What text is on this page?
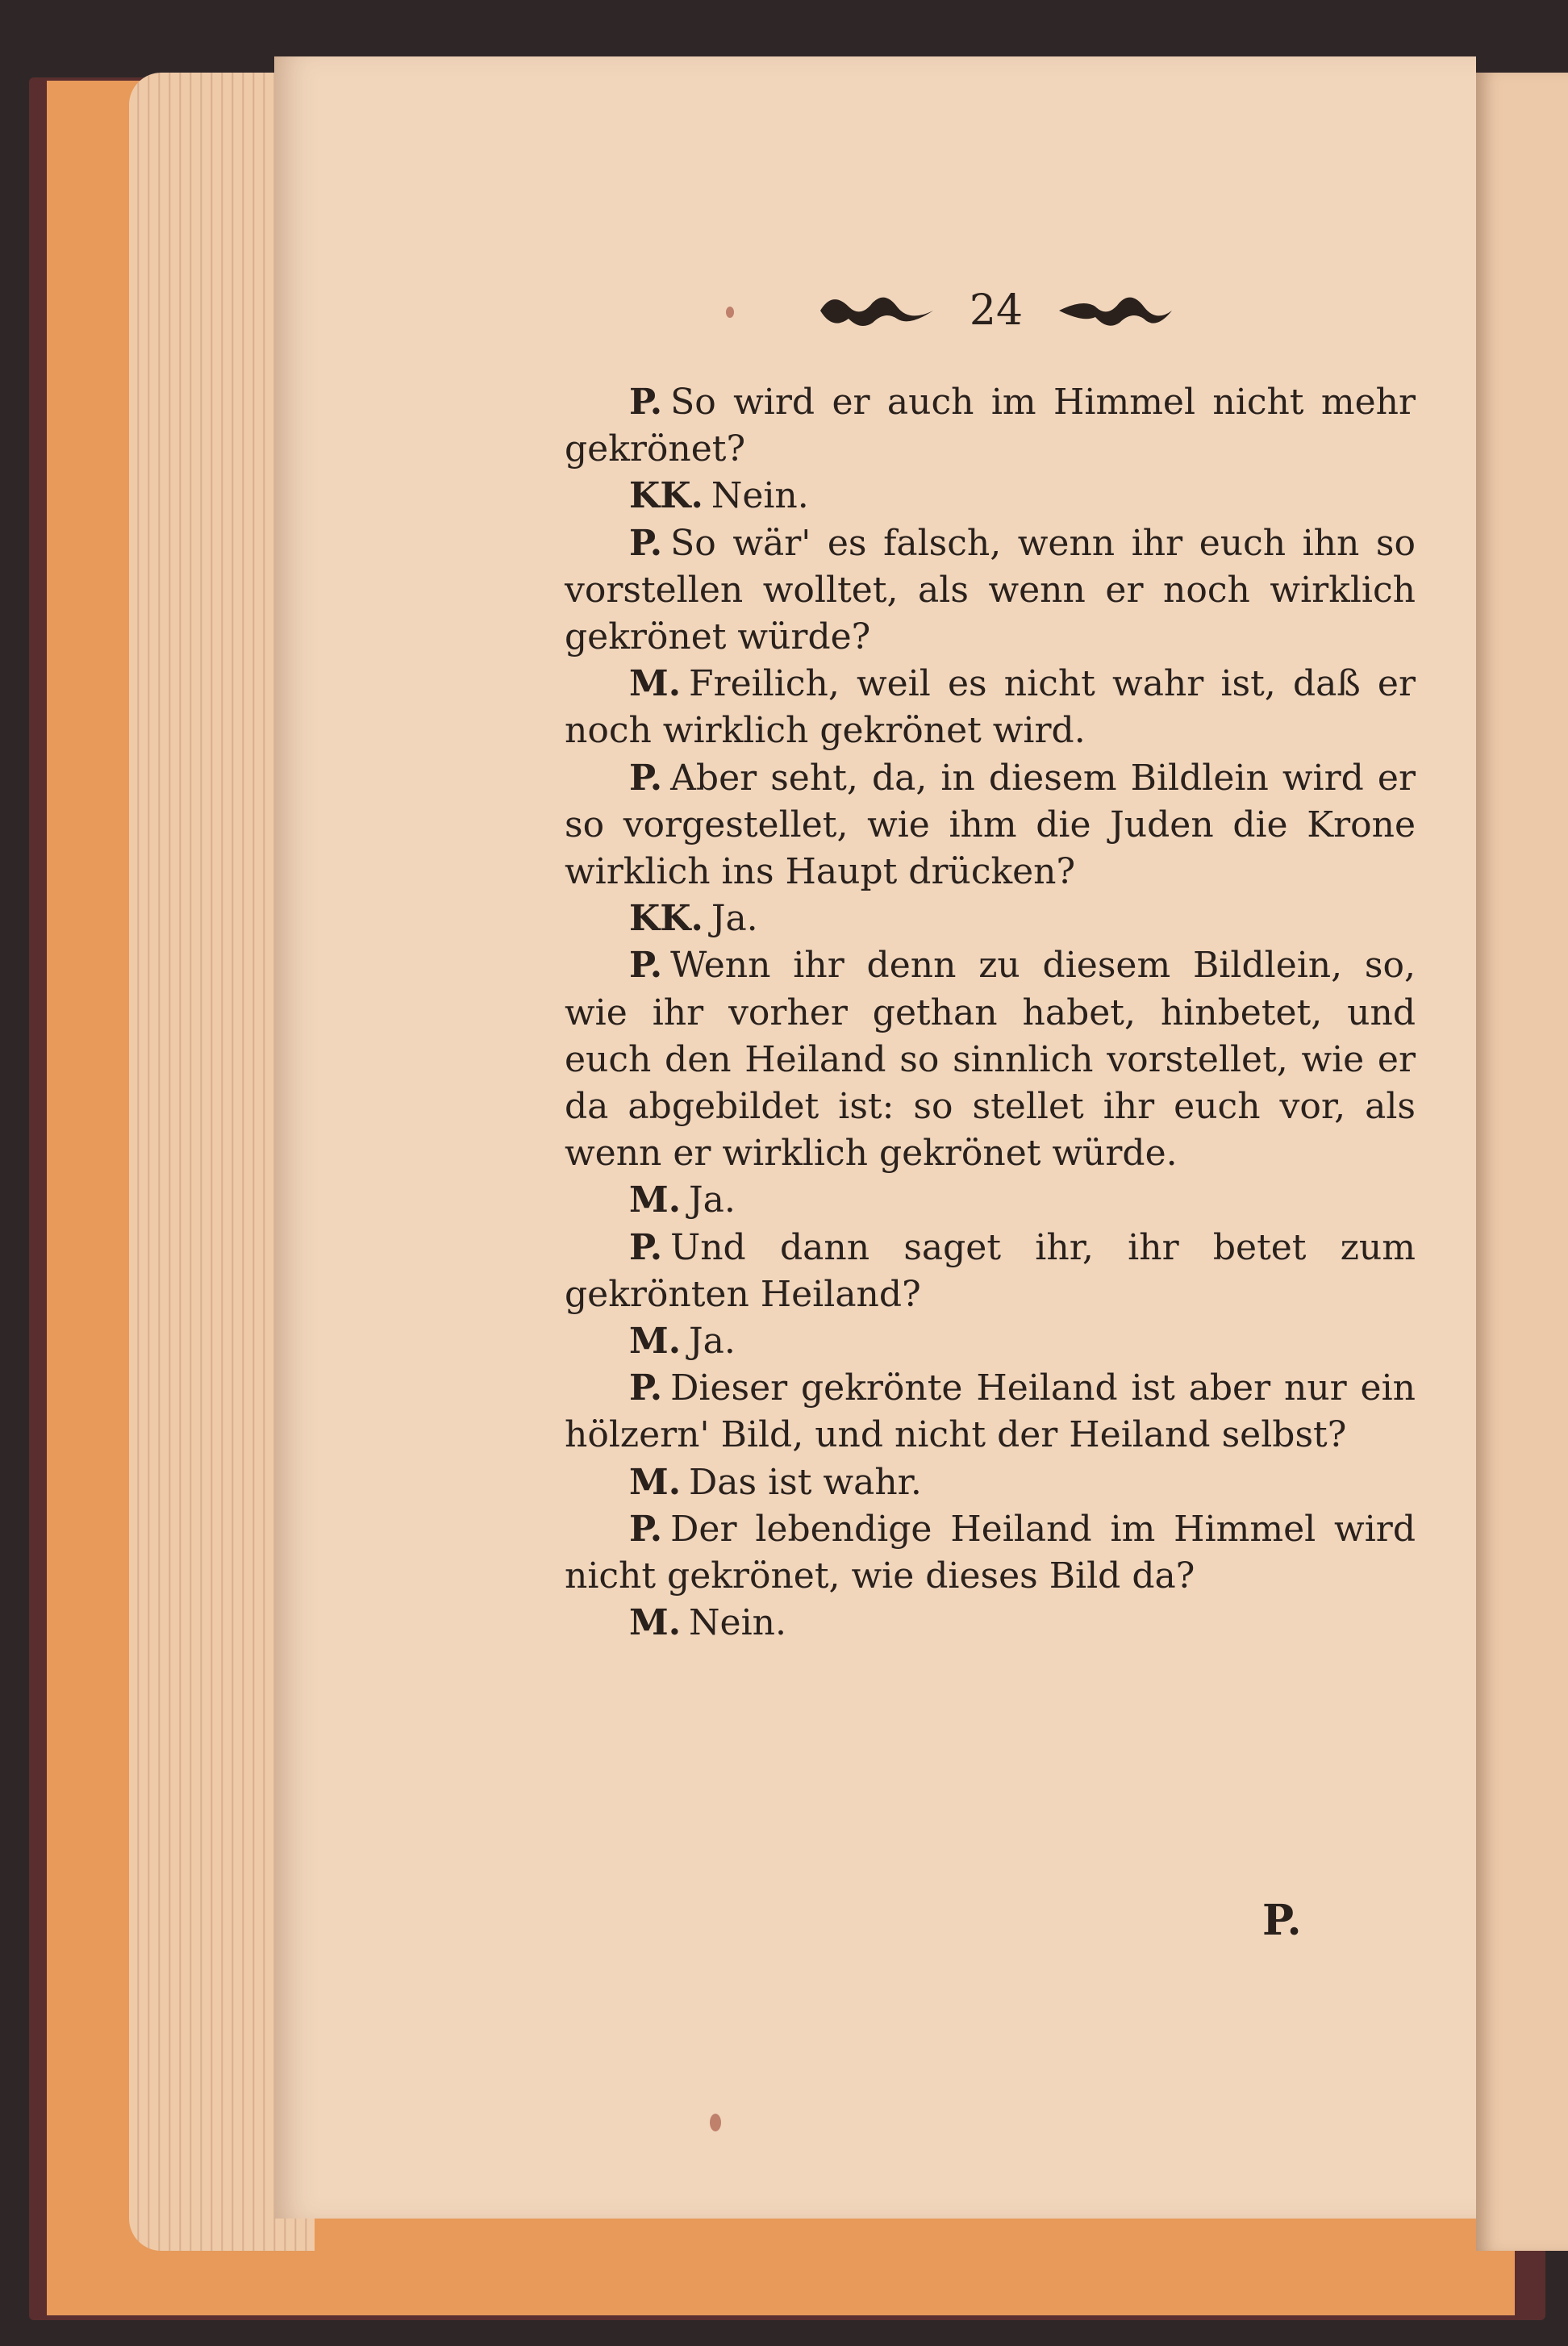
24

P. So wird er auch im Himmel nicht mehr gekrönet?

KK. Nein.

P. So wär' es falsch, wenn ihr euch ihn so vorstellen wolltet, als wenn er noch wirklich gekrönet würde?

M. Freilich, weil es nicht wahr ist, daß er noch wirklich gekrönet wird.

P. Aber seht, da, in diesem Bildlein wird er so vorgestellet, wie ihm die Juden die Krone wirklich ins Haupt drücken?

KK. Ja.

P. Wenn ihr denn zu diesem Bildlein, so, wie ihr vorher gethan habet, hinbetet, und euch den Heiland so sinnlich vorstellet, wie er da abgebildet ist: so stellet ihr euch vor, als wenn er wirklich gekrönet würde.

M. Ja.

P. Und dann saget ihr, ihr betet zum gekrönten Heiland?

M. Ja.

P. Dieser gekrönte Heiland ist aber nur ein hölzern' Bild, und nicht der Heiland selbst?

M. Das ist wahr.

P. Der lebendige Heiland im Himmel wird nicht gekrönet, wie dieses Bild da?

M. Nein.

P.
